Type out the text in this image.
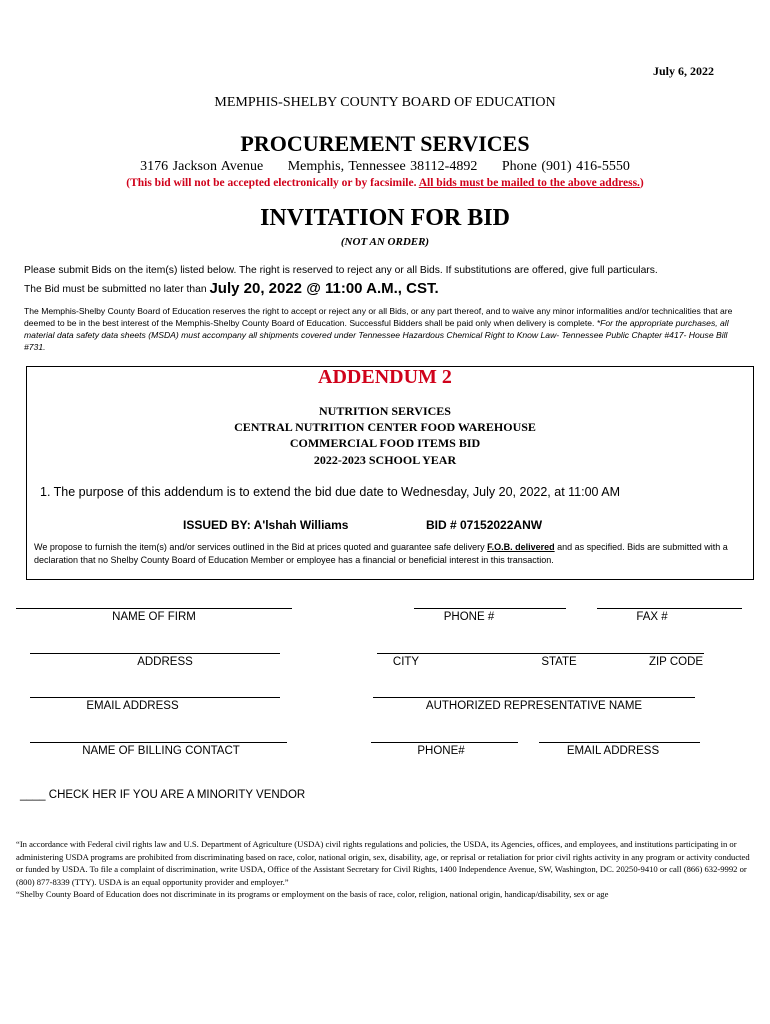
July 6, 2022
MEMPHIS-SHELBY COUNTY BOARD OF EDUCATION
PROCUREMENT SERVICES
3176 Jackson Avenue Memphis, Tennessee 38112-4892 Phone (901) 416-5550
(This bid will not be accepted electronically or by facsimile. All bids must be mailed to the above address.)
INVITATION FOR BID
(NOT AN ORDER)
Please submit Bids on the item(s) listed below. The right is reserved to reject any or all Bids. If substitutions are offered, give full particulars.
The Bid must be submitted no later than July 20, 2022 @ 11:00 A.M., CST.
The Memphis-Shelby County Board of Education reserves the right to accept or reject any or all Bids, or any part thereof, and to waive any minor informalities and/or technicalities that are deemed to be in the best interest of the Memphis-Shelby County Board of Education. Successful Bidders shall be paid only when delivery is complete. *For the appropriate purchases, all material data safety data sheets (MSDA) must accompany all shipments covered under Tennessee Hazardous Chemical Right to Know Law- Tennessee Public Chapter #417- House Bill #731.
ADDENDUM 2
NUTRITION SERVICES
CENTRAL NUTRITION CENTER FOOD WAREHOUSE
COMMERCIAL FOOD ITEMS BID
2022-2023 SCHOOL YEAR
1. The purpose of this addendum is to extend the bid due date to Wednesday, July 20, 2022, at 11:00 AM
ISSUED BY: A'lshah Williams	BID # 07152022ANW
We propose to furnish the item(s) and/or services outlined in the Bid at prices quoted and guarantee safe delivery F.O.B. delivered and as specified. Bids are submitted with a declaration that no Shelby County Board of Education Member or employee has a financial or beneficial interest in this transaction.
NAME OF FIRM	PHONE #	FAX #
ADDRESS	CITY	STATE	ZIP CODE
EMAIL ADDRESS	AUTHORIZED REPRESENTATIVE NAME
NAME OF BILLING CONTACT	PHONE#	EMAIL ADDRESS
____ CHECK HER IF YOU ARE A MINORITY VENDOR
“In accordance with Federal civil rights law and U.S. Department of Agriculture (USDA) civil rights regulations and policies, the USDA, its Agencies, offices, and employees, and institutions participating in or administering USDA programs are prohibited from discriminating based on race, color, national origin, sex, disability, age, or reprisal or retaliation for prior civil rights activity in any program or activity conducted or funded by USDA. To file a complaint of discrimination, write USDA, Office of the Assistant Secretary for Civil Rights, 1400 Independence Avenue, SW, Washington, DC. 20250-9410 or call (866) 632-9992 or (800) 877-8339 (TTY). USDA is an equal opportunity provider and employer.”
“Shelby County Board of Education does not discriminate in its programs or employment on the basis of race, color, religion, national origin, handicap/disability, sex or age
